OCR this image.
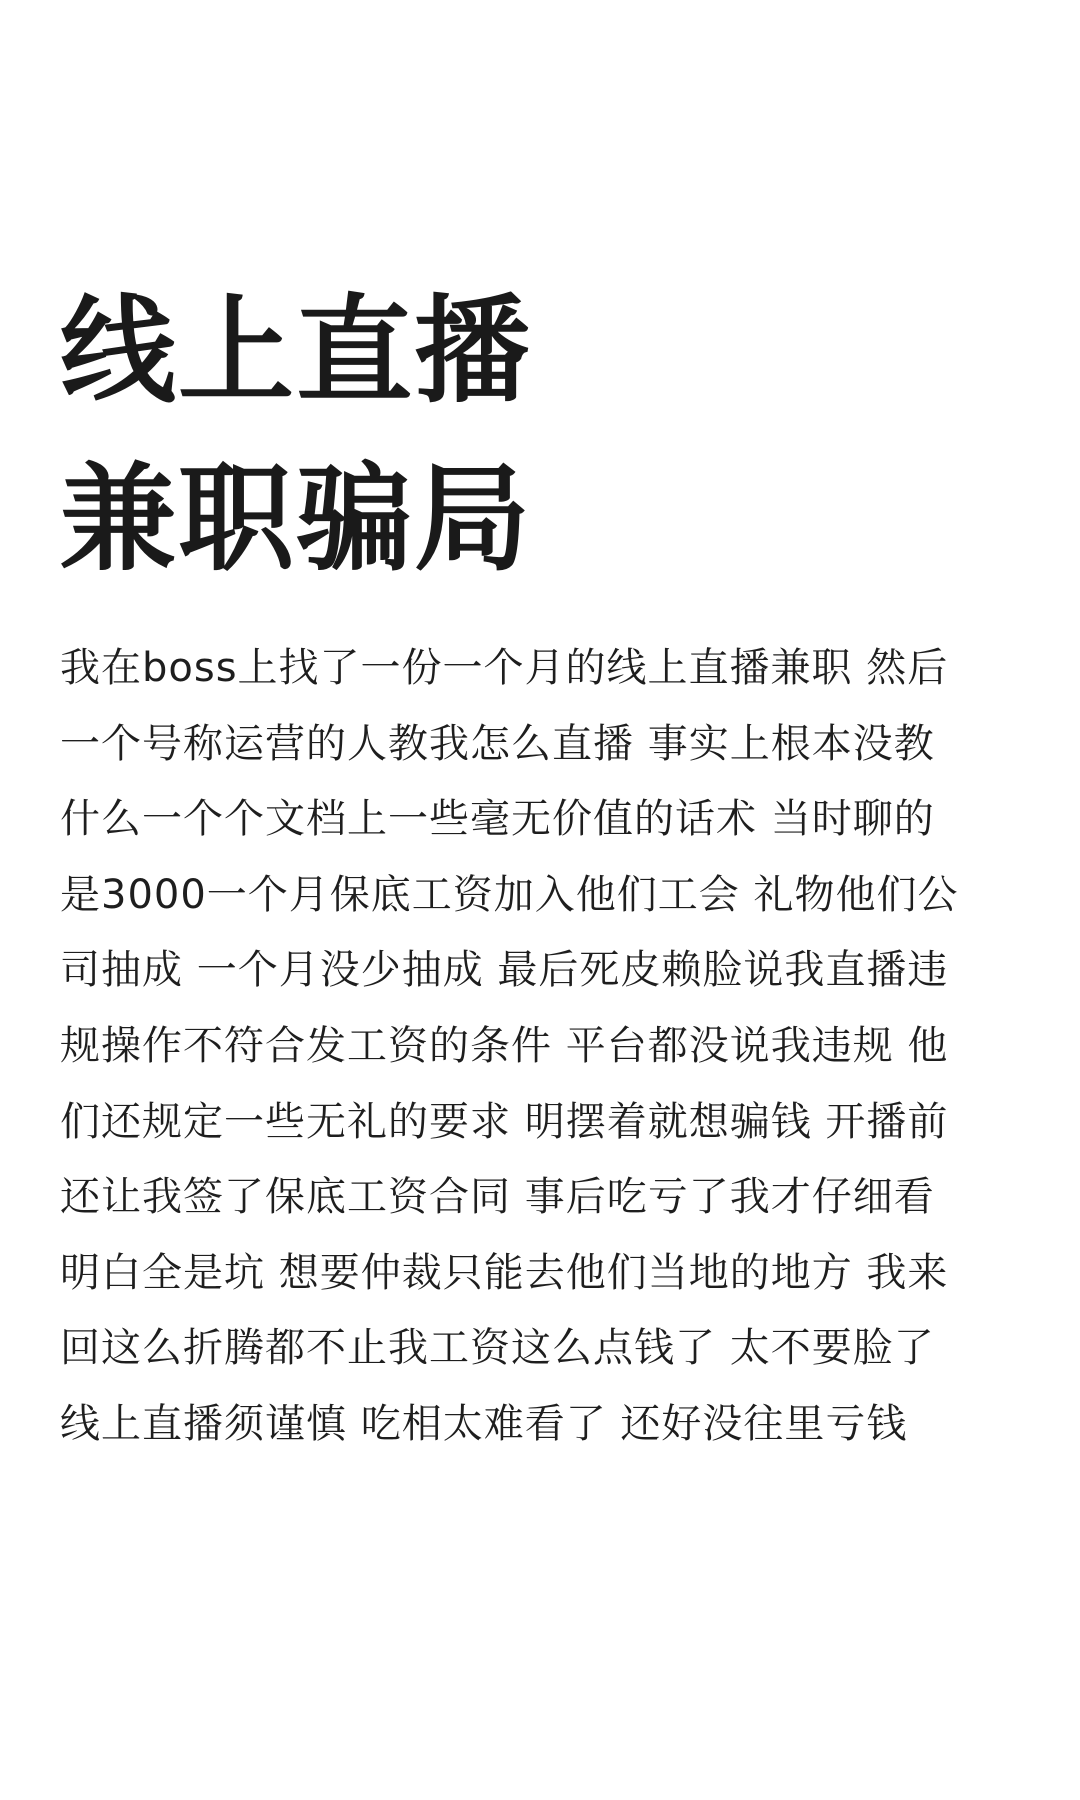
线上直播
兼职骗局
我在boss上找了一份一个月的线上直播兼职 然后
一个号称运营的人教我怎么直播 事实上根本没教
什么一个个文档上一些毫无价值的话术 当时聊的
是3000一个月保底工资加入他们工会 礼物他们公
司抽成 一个月没少抽成 最后死皮赖脸说我直播违
规操作不符合发工资的条件 平台都没说我违规 他
们还规定一些无礼的要求 明摆着就想骗钱 开播前
还让我签了保底工资合同 事后吃亏了我才仔细看
明白全是坑 想要仲裁只能去他们当地的地方 我来
回这么折腾都不止我工资这么点钱了 太不要脸了
线上直播须谨慎 吃相太难看了 还好没往里亏钱
